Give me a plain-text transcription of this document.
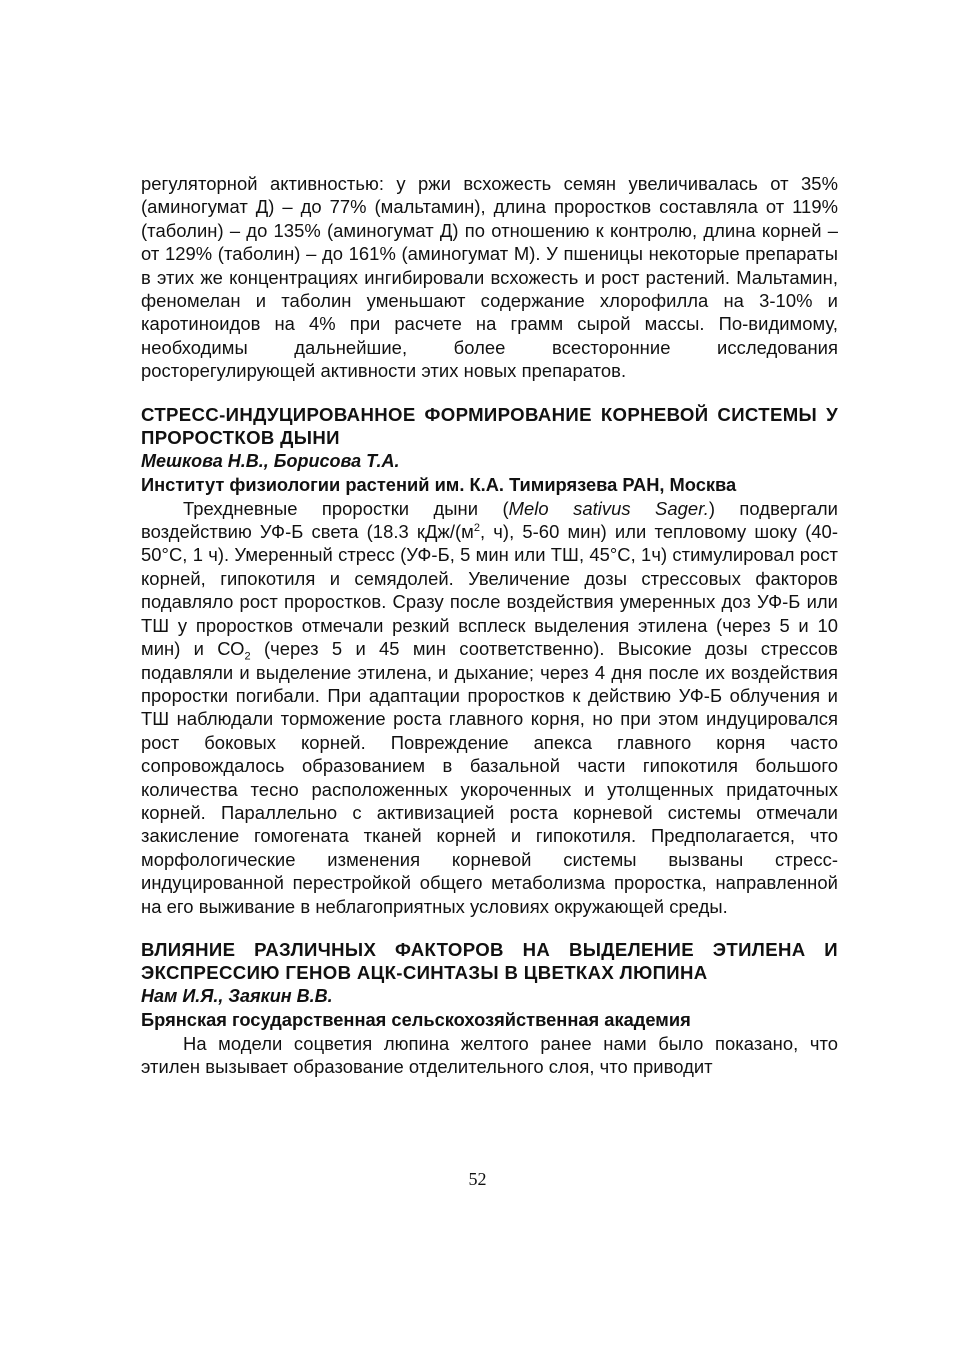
регуляторной активностью: у ржи всхожесть семян увеличивалась от 35% (аминогумат Д) – до 77% (мальтамин), длина проростков составляла от 119% (таболин) – до 135% (аминогумат Д) по отношению к контролю, длина корней – от 129% (таболин) – до 161% (аминогумат М). У пшеницы некоторые препараты в этих же концентрациях ингибировали всхожесть и рост растений. Мальтамин, феномелан и таболин уменьшают содержание хлорофилла на 3-10% и каротиноидов на 4% при расчете на грамм сырой массы. По-видимому, необходимы дальнейшие, более всесторонние исследования росторегулирующей активности этих новых препаратов.

СТРЕСС-ИНДУЦИРОВАННОЕ ФОРМИРОВАНИЕ КОРНЕВОЙ СИСТЕМЫ У ПРОРОСТКОВ ДЫНИ

Мешкова Н.В., Борисова Т.А.

Институт физиологии растений им. К.А. Тимирязева РАН, Москва

Трехдневные проростки дыни (Melo sativus Sager.) подвергали воздействию УФ-Б света (18.3 кДж/($м^2$, ч), 5-60 мин) или тепловому шоку (40-50°С, 1 ч). Умеренный стресс (УФ-Б, 5 мин или ТШ, 45°С, 1ч) стимулировал рост корней, гипокотиля и семядолей. Увеличение дозы стрессовых факторов подавляло рост проростков. Сразу после воздействия умеренных доз УФ-Б или ТШ у проростков отмечали резкий всплеск выделения этилена (через 5 и 10 мин) и $СО_2$ (через 5 и 45 мин соответственно). Высокие дозы стрессов подавляли и выделение этилена, и дыхание; через 4 дня после их воздействия проростки погибали. При адаптации проростков к действию УФ-Б облучения и ТШ наблюдали торможение роста главного корня, но при этом индуцировался рост боковых корней. Повреждение апекса главного корня часто сопровождалось образованием в базальной части гипокотиля большого количества тесно расположенных укороченных и утолщенных придаточных корней. Параллельно с активизацией роста корневой системы отмечали закисление гомогената тканей корней и гипокотиля. Предполагается, что морфологические изменения корневой системы вызваны стресс-индуцированной перестройкой общего метаболизма проростка, направленной на его выживание в неблагоприятных условиях окружающей среды.

ВЛИЯНИЕ РАЗЛИЧНЫХ ФАКТОРОВ НА ВЫДЕЛЕНИЕ ЭТИЛЕНА И ЭКСПРЕССИЮ ГЕНОВ АЦК-СИНТАЗЫ В ЦВЕТКАХ ЛЮПИНА

Нам И.Я., Заякин В.В.

Брянская государственная сельскохозяйственная академия

На модели соцветия люпина желтого ранее нами было показано, что этилен вызывает образование отделительного слоя, что приводит

52
